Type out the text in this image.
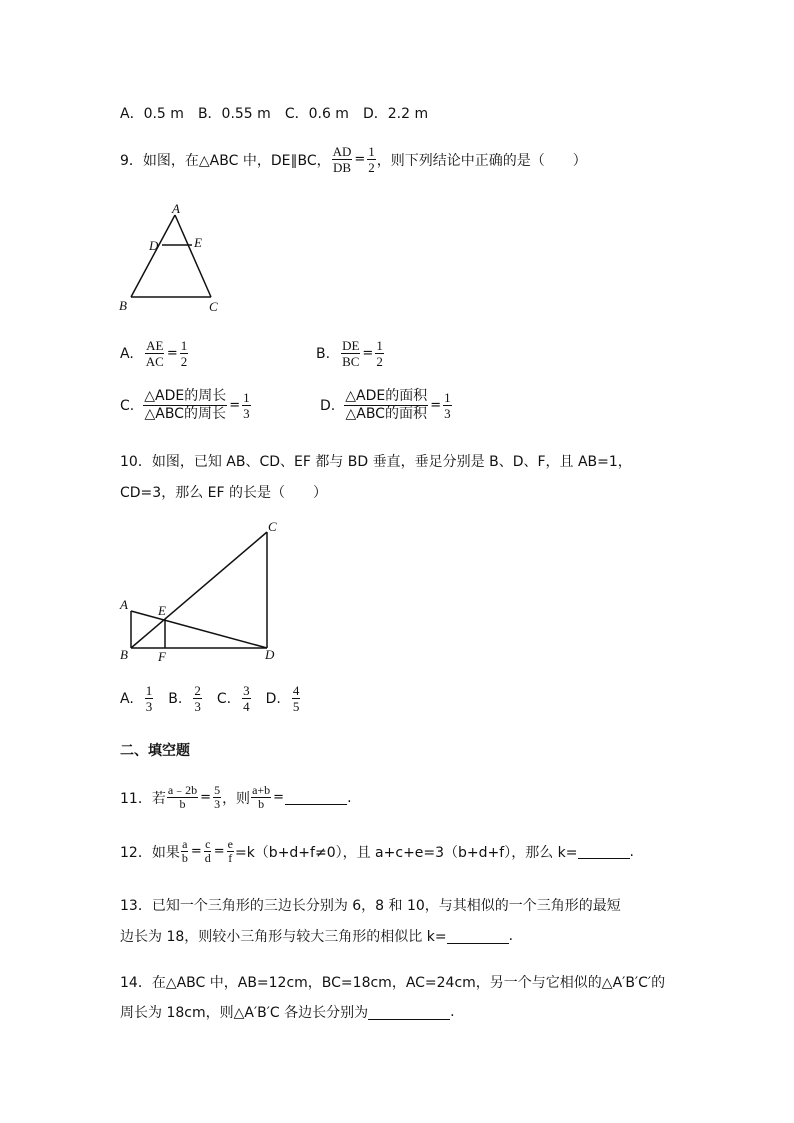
A．0.5 m B．0.55 m C．0.6 m D．2.2 m
9．如图，在△ABC 中，DE∥BC， $\frac{AD}{DB} = \frac{1}{2}$ ，则下列结论中正确的是（　　）
A
D	E
B	C
A. $\frac{AE}{AC} = \frac{1}{2}$	B. $\frac{DE}{BC} = \frac{1}{2}$
C. $\frac{\text{△ADE的周长}}{\text{△ABC的周长}} = \frac{1}{3}$	D. $\frac{\text{△ADE的面积}}{\text{△ABC的面积}} = \frac{1}{3}$
10．如图，已知 AB、CD、EF 都与 BD 垂直，垂足分别是 B、D、F，且 AB=1，
CD=3，那么 EF 的长是（　　）
C
A E
B F	D
A. $\frac{1}{3} B$. $\frac{2}{3} C$. $\frac{3}{4} D$. $\frac{4}{5}$
二、填空题
11．若 $\frac{a﹣2b}{b} = \frac{5}{3}$ ，则 $\frac{a+b}{b}$ =	.
12．如果 $\frac{a}{b} = \frac{c}{d} = \frac{e}{f} =k(b+d+f\ne 0)$，且 a+c+e=3（b+d+f），那么 k=	.
13．已知一个三角形的三边长分别为 6，8 和 10，与其相似的一个三角形的最短
边长为 18，则较小三角形与较大三角形的相似比 k=	.
14．在△ABC 中，AB=12cm，BC=18cm，AC=24cm，另一个与它相似的△A′B′C′的
周长为 18cm，则△A′B′C 各边长分别为	.
